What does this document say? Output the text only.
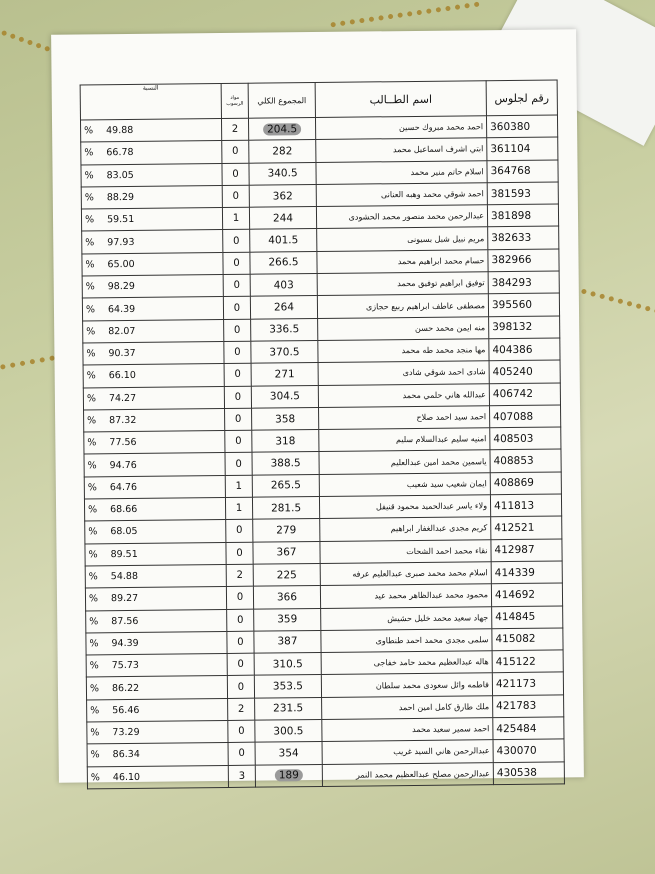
رقم لجلوس	اسم الطــالب	المجموع الكلي	مواد الرسوب	النسبة
360380	احمد محمد مبروك حسين	204.5	2	% 49.88
361104	ابتي اشرف اسماعيل محمد	282	0	% 66.78
364768	اسلام حاتم منير محمد	340.5	0	% 83.05
381593	احمد شوقي محمد وهبه العنانى	362	0	% 88.29
381898	عبدالرحمن محمد منصور محمد الحشودى	244	1	% 59.51
382633	مريم نبيل شبل بسيونى	401.5	0	% 97.93
382966	حسام محمد ابراهيم محمد	266.5	0	% 65.00
384293	توفيق ابراهيم توفيق محمد	403	0	% 98.29
395560	مصطفى عاطف ابراهيم ربيع حجازى	264	0	% 64.39
398132	منه ايمن محمد حسن	336.5	0	% 82.07
404386	مها منجد محمد طه محمد	370.5	0	% 90.37
405240	شادى احمد شوقي شادى	271	0	% 66.10
406742	عبدالله هاني حلمي محمد	304.5	0	% 74.27
407088	احمد سيد احمد صلاح	358	0	% 87.32
408503	امنيه سليم عبدالسلام سليم	318	0	% 77.56
408853	ياسمين محمد امين عبدالعليم	388.5	0	% 94.76
408869	ايمان شعيب سيد شعيب	265.5	1	% 64.76
411813	ولاء ياسر عبدالحميد محمود قنيفل	281.5	1	% 68.66
412521	كريم مجدى عبدالغفار ابراهيم	279	0	% 68.05
412987	نقاء محمد احمد الشحات	367	0	% 89.51
414339	اسلام محمد محمد صبرى عبدالعليم عرفه	225	2	% 54.88
414692	محمود محمد عبدالظاهر محمد عيد	366	0	% 89.27
414845	جهاد سعيد محمد خليل حشيش	359	0	% 87.56
415082	سلمى مجدى محمد احمد طنطاوى	387	0	% 94.39
415122	هاله عبدالعظيم محمد حامد خفاجى	310.5	0	% 75.73
421173	فاطمه وائل سعودى محمد سلطان	353.5	0	% 86.22
421783	ملك طارق كامل امين احمد	231.5	2	% 56.46
425484	احمد سمير سعيد محمد	300.5	0	% 73.29
430070	عبدالرحمن هاني السيد غريب	354	0	% 86.34
430538	عبدالرحمن مصلح عبدالعظيم محمد النمر	189	3	% 46.10
